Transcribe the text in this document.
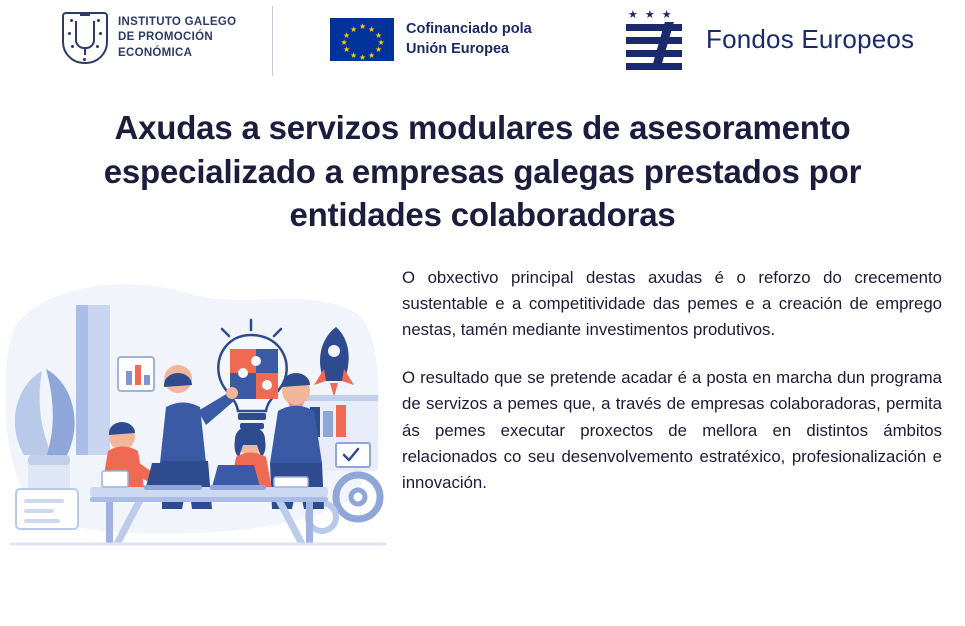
INSTITUTO GALEGO
DE PROMOCIÓN
ECONÓMICA
★
★ ★
★	★
★	★
★	★
★ ★
★
Cofinanciado pola
Unión Europea
★★★
Fondos Europeos
Axudas a servizos modulares de asesoramento especializado a empresas galegas prestados por entidades colaboradoras

O obxectivo principal destas axudas é o reforzo do crecemento sustentable e a competitividade das pemes e a creación de emprego nestas, tamén mediante investimentos produtivos.

O resultado que se pretende acadar é a posta en marcha dun programa de servizos a pemes que, a través de empresas colaboradoras, permita ás pemes executar proxectos de mellora en distintos ámbitos relacionados co seu desenvolvemento estratéxico, profesionalización e innovación.
